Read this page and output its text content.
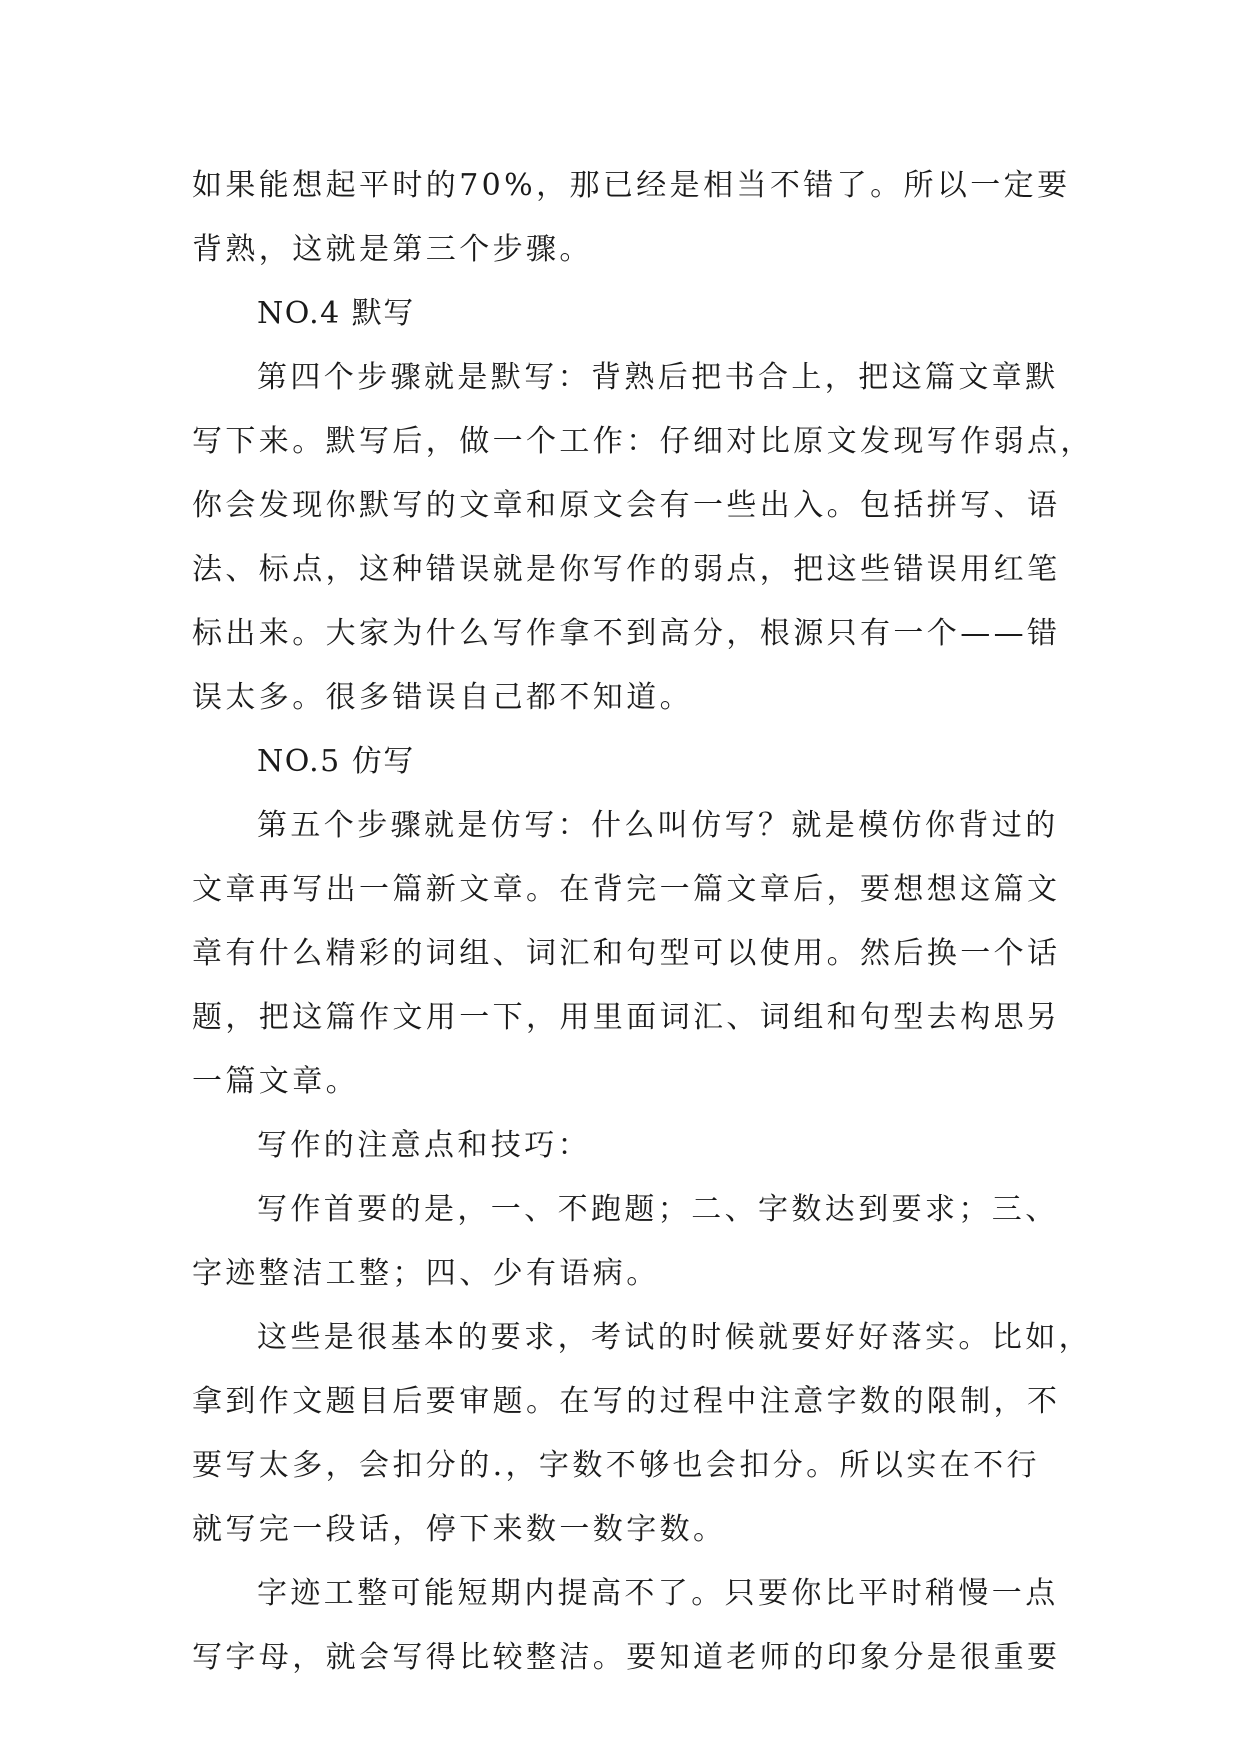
如果能想起平时的70%，那已经是相当不错了。所以一定要
背熟，这就是第三个步骤。
NO.4 默写
第四个步骤就是默写：背熟后把书合上，把这篇文章默
写下来。默写后，做一个工作：仔细对比原文发现写作弱点，
你会发现你默写的文章和原文会有一些出入。包括拼写、语
法、标点，这种错误就是你写作的弱点，把这些错误用红笔
标出来。大家为什么写作拿不到高分，根源只有一个——错
误太多。很多错误自己都不知道。
NO.5 仿写
第五个步骤就是仿写：什么叫仿写？就是模仿你背过的
文章再写出一篇新文章。在背完一篇文章后，要想想这篇文
章有什么精彩的词组、词汇和句型可以使用。然后换一个话
题，把这篇作文用一下，用里面词汇、词组和句型去构思另
一篇文章。
写作的注意点和技巧：
写作首要的是，一、不跑题；二、字数达到要求；三、
字迹整洁工整；四、少有语病。
这些是很基本的要求，考试的时候就要好好落实。比如，
拿到作文题目后要审题。在写的过程中注意字数的限制，不
要写太多，会扣分的.，字数不够也会扣分。所以实在不行
就写完一段话，停下来数一数字数。
字迹工整可能短期内提高不了。只要你比平时稍慢一点
写字母，就会写得比较整洁。要知道老师的印象分是很重要
